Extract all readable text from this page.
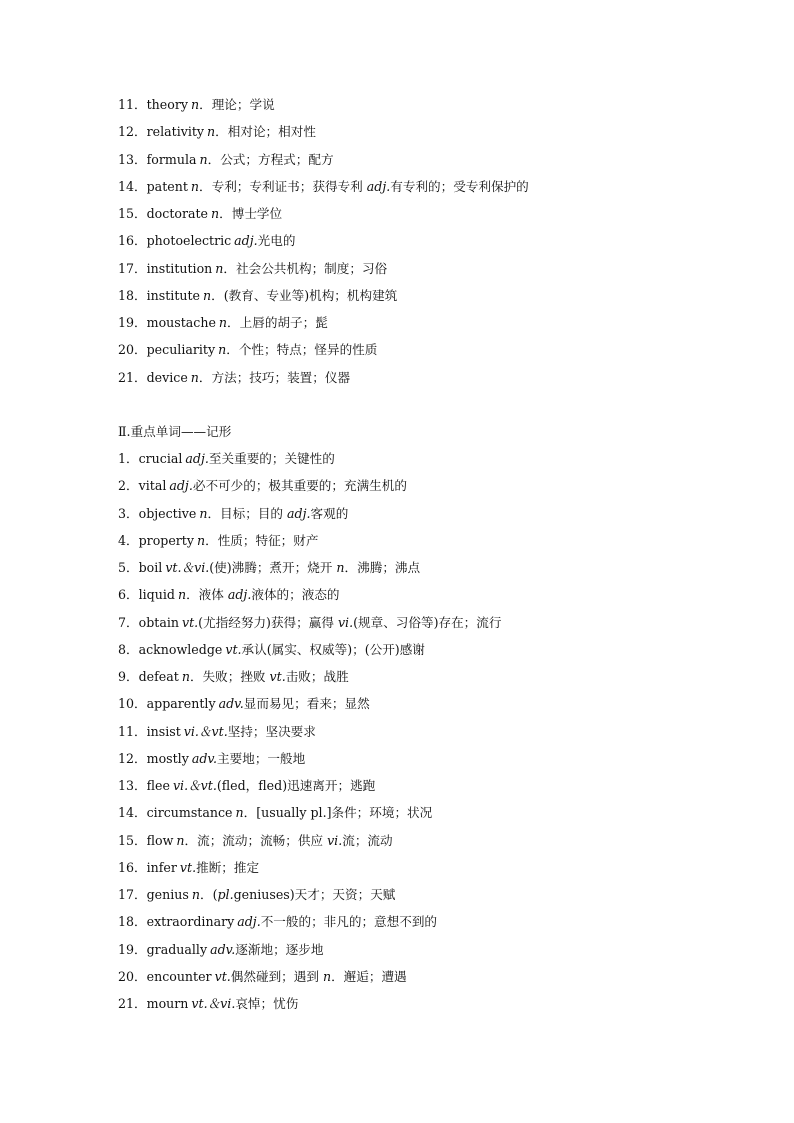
11．theory n．理论；学说
12．relativity n．相对论；相对性
13．formula n．公式；方程式；配方
14．patent n．专利；专利证书；获得专利 adj.有专利的；受专利保护的
15．doctorate n．博士学位
16．photoelectric adj.光电的
17．institution n．社会公共机构；制度；习俗
18．institute n．(教育、专业等)机构；机构建筑
19．moustache n．上唇的胡子；髭
20．peculiarity n．个性；特点；怪异的性质
21．device n．方法；技巧；装置；仪器
Ⅱ.重点单词——记形
1．crucial adj.至关重要的；关键性的
2．vital adj.必不可少的；极其重要的；充满生机的
3．objective n．目标；目的 adj.客观的
4．property n．性质；特征；财产
5．boil vt.＆vi.(使)沸腾；煮开；烧开 n．沸腾；沸点
6．liquid n．液体 adj.液体的；液态的
7．obtain vt.(尤指经努力)获得；赢得 vi.(规章、习俗等)存在；流行
8．acknowledge vt.承认(属实、权威等)；(公开)感谢
9．defeat n．失败；挫败 vt.击败；战胜
10．apparently adv.显而易见；看来；显然
11．insist vi.＆vt.坚持；坚决要求
12．mostly adv.主要地；一般地
13．flee vi.＆vt.(fled，fled)迅速离开；逃跑
14．circumstance n．[usually pl.]条件；环境；状况
15．flow n．流；流动；流畅；供应 vi.流；流动
16．infer vt.推断；推定
17．genius n．(pl.geniuses)天才；天资；天赋
18．extraordinary adj.不一般的；非凡的；意想不到的
19．gradually adv.逐渐地；逐步地
20．encounter vt.偶然碰到；遇到 n．邂逅；遭遇
21．mourn vt.＆vi.哀悼；忧伤
